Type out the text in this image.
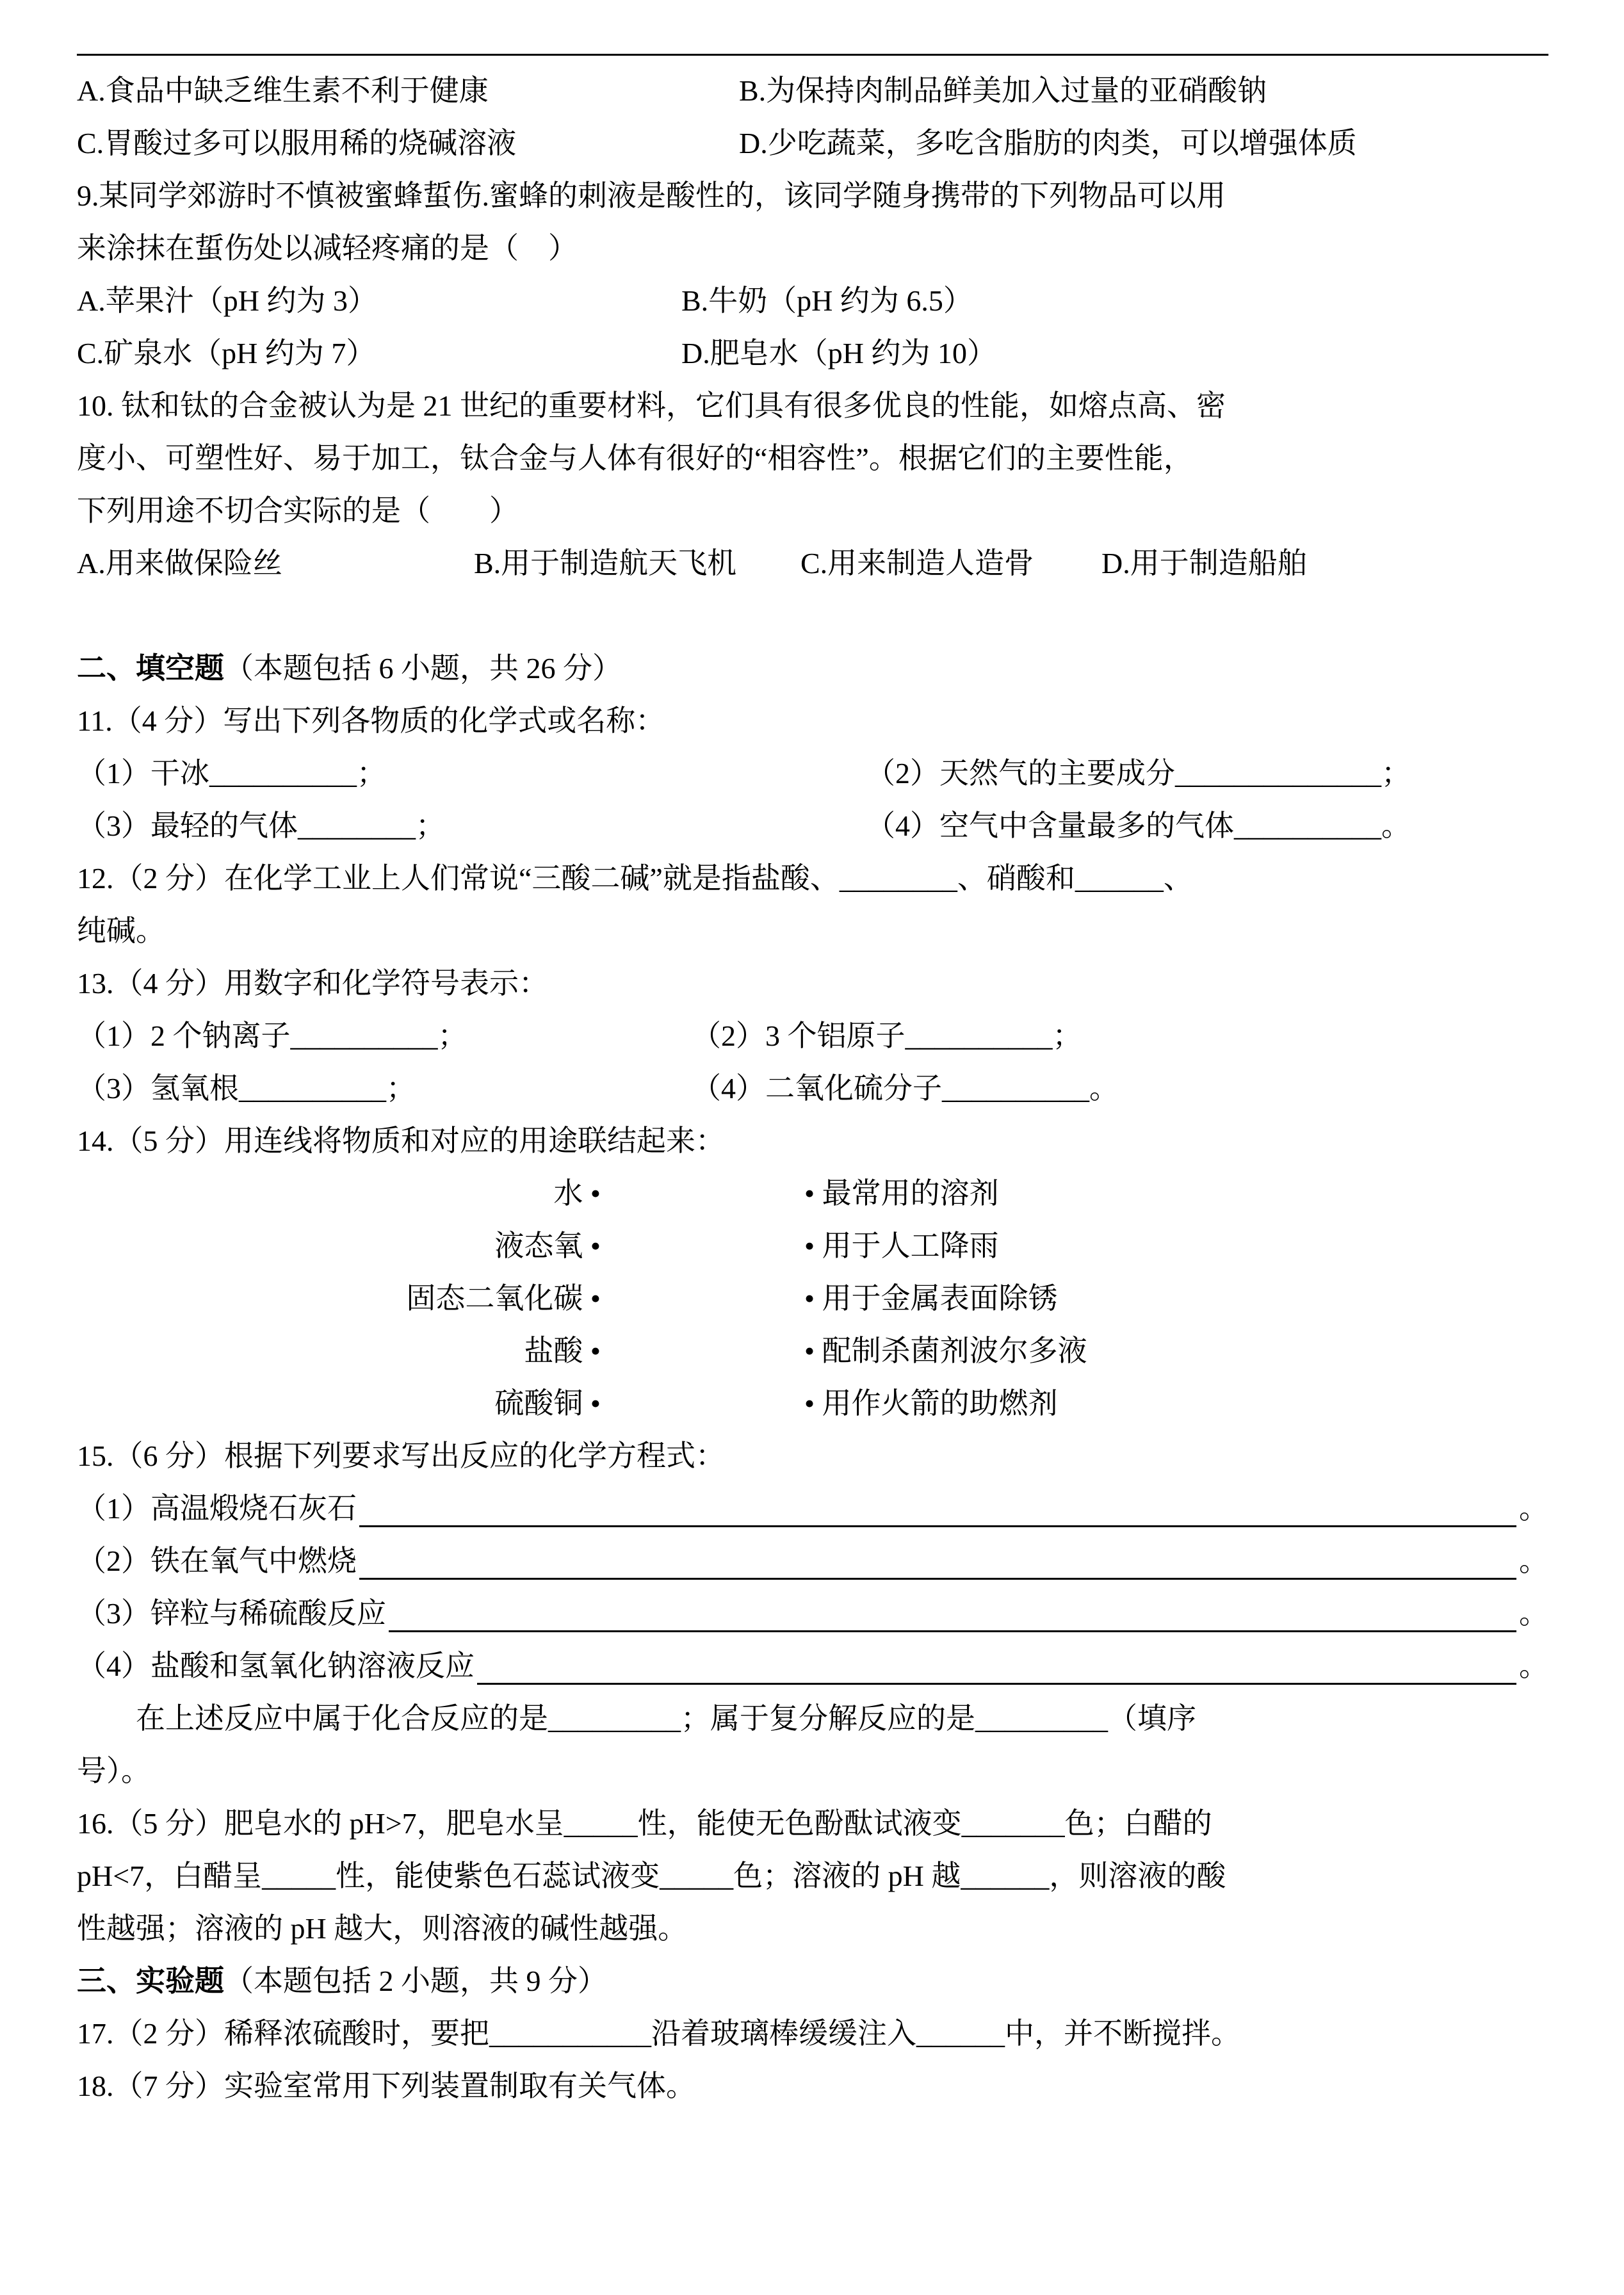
A.食品中缺乏维生素不利于健康	B.为保持肉制品鲜美加入过量的亚硝酸钠
C.胃酸过多可以服用稀的烧碱溶液	D.少吃蔬菜，多吃含脂肪的肉类，可以增强体质
9.某同学郊游时不慎被蜜蜂蜇伤.蜜蜂的刺液是酸性的，该同学随身携带的下列物品可以用
来涂抹在蜇伤处以减轻疼痛的是（　）
A.苹果汁（pH 约为 3）	B.牛奶（pH 约为 6.5）
C.矿泉水（pH 约为 7）	D.肥皂水（pH 约为 10）
10. 钛和钛的合金被认为是 21 世纪的重要材料，它们具有很多优良的性能，如熔点高、密
度小、可塑性好、易于加工，钛合金与人体有很好的“相容性”。根据它们的主要性能，
下列用途不切合实际的是（　　）
A.用来做保险丝	B.用于制造航天飞机	C.用来制造人造骨	D.用于制造船舶
二、填空题（本题包括 6 小题，共 26 分）
11.（4 分）写出下列各物质的化学式或名称：
（1）干冰__________；	（2）天然气的主要成分______________；
（3）最轻的气体________；	（4）空气中含量最多的气体__________。
12.（2 分）在化学工业上人们常说“三酸二碱”就是指盐酸、________、硝酸和______、
纯碱。
13.（4 分）用数字和化学符号表示：
（1）2 个钠离子__________；	（2）3 个铝原子__________；
（3）氢氧根__________；	（4）二氧化硫分子__________。
14.（5 分）用连线将物质和对应的用途联结起来：
水 •	• 最常用的溶剂
液态氧 •	• 用于人工降雨
固态二氧化碳 •	• 用于金属表面除锈
盐酸 •	• 配制杀菌剂波尔多液
硫酸铜 •	• 用作火箭的助燃剂
15.（6 分）根据下列要求写出反应的化学方程式：
（1）高温煅烧石灰石	。
（2）铁在氧气中燃烧	。
（3）锌粒与稀硫酸反应	。
（4）盐酸和氢氧化钠溶液反应	。
在上述反应中属于化合反应的是_________；属于复分解反应的是_________（填序
号）。
16.（5 分）肥皂水的 pH>7，肥皂水呈_____性，能使无色酚酞试液变_______色；白醋的
pH<7，白醋呈_____性，能使紫色石蕊试液变_____色；溶液的 pH 越______，则溶液的酸
性越强；溶液的 pH 越大，则溶液的碱性越强。
三、实验题（本题包括 2 小题，共 9 分）
17.（2 分）稀释浓硫酸时，要把___________沿着玻璃棒缓缓注入______中，并不断搅拌。
18.（7 分）实验室常用下列装置制取有关气体。
